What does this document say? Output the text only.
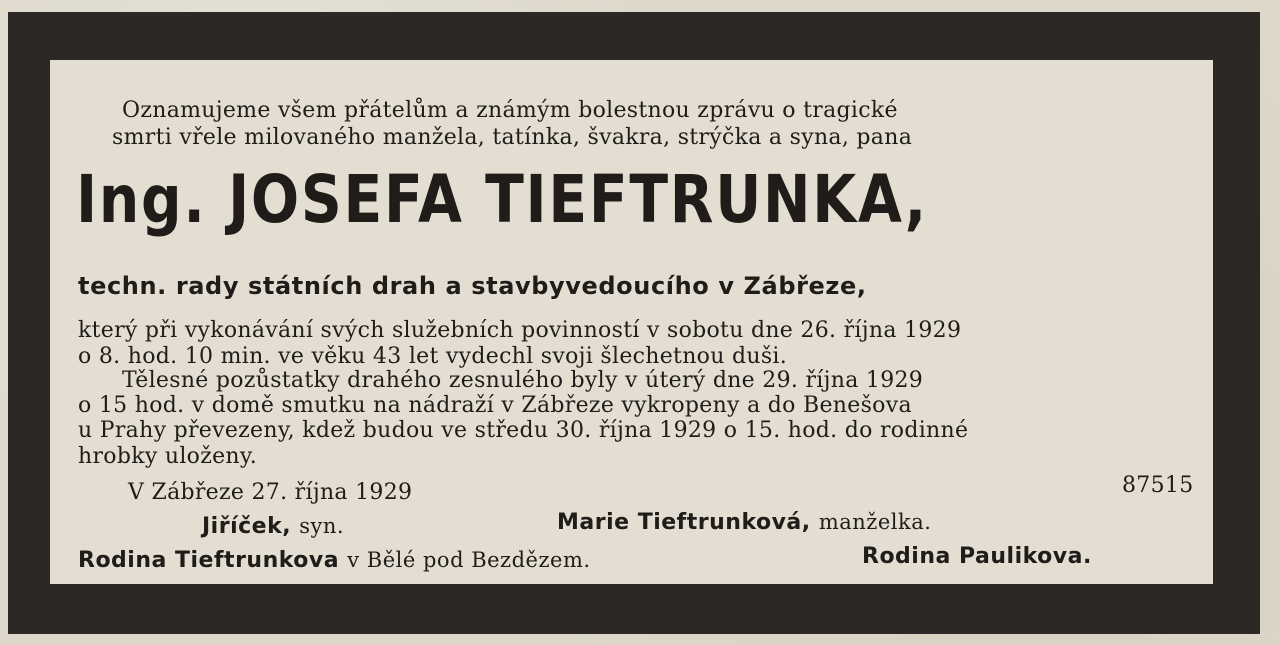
Oznamujeme všem přátelům a známým bolestnou zprávu o tragické
smrti vřele milovaného manžela, tatínka, švakra, strýčka a syna, pana
Ing. JOSEFA TIEFTRUNKA,
techn. rady státních drah a stavbyvedoucího v Zábřeze,
který při vykonávání svých služebních povinností v sobotu dne 26. října 1929
o 8. hod. 10 min. ve věku 43 let vydechl svoji šlechetnou duši.
Tělesné pozůstatky drahého zesnulého byly v úterý dne 29. října 1929
o 15 hod. v domě smutku na nádraží v Zábřeze vykropeny a do Benešova
u Prahy převezeny, kdež budou ve středu 30. října 1929 o 15. hod. do rodinné
hrobky uloženy.
V Zábřeze 27. října 1929	87515
Jiříček, syn.	Marie Tieftrunková, manželka.
Rodina Tieftrunkova v Bělé pod Bezdězem.	Rodina Paulikova.
